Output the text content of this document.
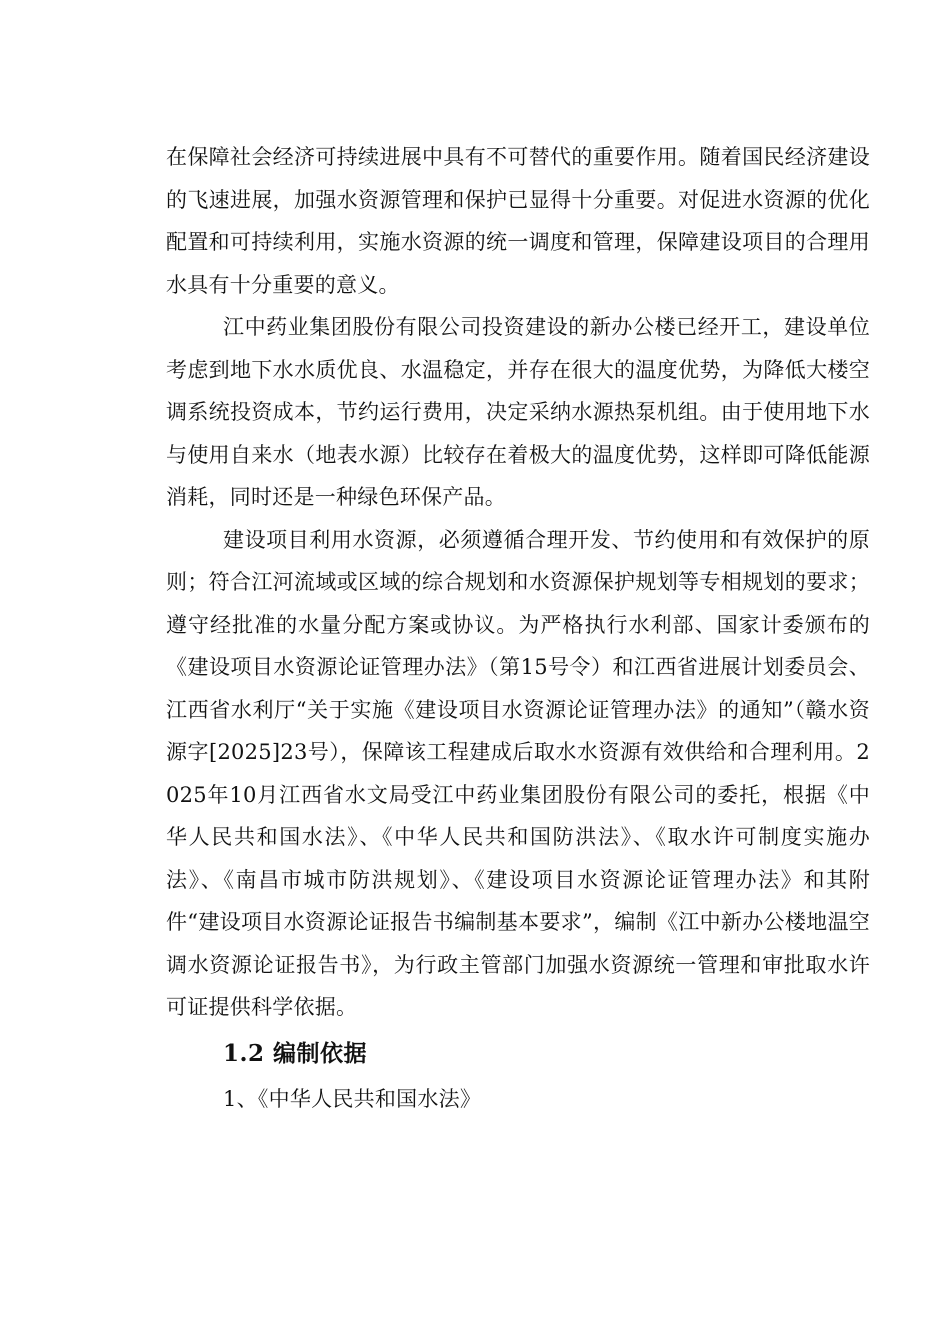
在保障社会经济可持续进展中具有不可替代的重要作用。随着国民经济建设的飞速进展，加强水资源管理和保护已显得十分重要。对促进水资源的优化配置和可持续利用，实施水资源的统一调度和管理，保障建设项目的合理用水具有十分重要的意义。

江中药业集团股份有限公司投资建设的新办公楼已经开工，建设单位考虑到地下水水质优良、水温稳定，并存在很大的温度优势，为降低大楼空调系统投资成本，节约运行费用，决定采纳水源热泵机组。由于使用地下水与使用自来水（地表水源）比较存在着极大的温度优势，这样即可降低能源消耗，同时还是一种绿色环保产品。

建设项目利用水资源，必须遵循合理开发、节约使用和有效保护的原则；符合江河流域或区域的综合规划和水资源保护规划等专相规划的要求；遵守经批准的水量分配方案或协议。为严格执行水利部、国家计委颁布的《建设项目水资源论证管理办法》（第15号令）和江西省进展计划委员会、江西省水利厅“关于实施《建设项目水资源论证管理办法》的通知”（赣水资源字[2025]23号），保障该工程建成后取水水资源有效供给和合理利用。2025年10月江西省水文局受江中药业集团股份有限公司的委托，根据《中华人民共和国水法》、《中华人民共和国防洪法》、《取水许可制度实施办法》、《南昌市城市防洪规划》、《建设项目水资源论证管理办法》和其附件“建设项目水资源论证报告书编制基本要求”，编制《江中新办公楼地温空调水资源论证报告书》，为行政主管部门加强水资源统一管理和审批取水许可证提供科学依据。

1.2 编制依据

1、《中华人民共和国水法》
